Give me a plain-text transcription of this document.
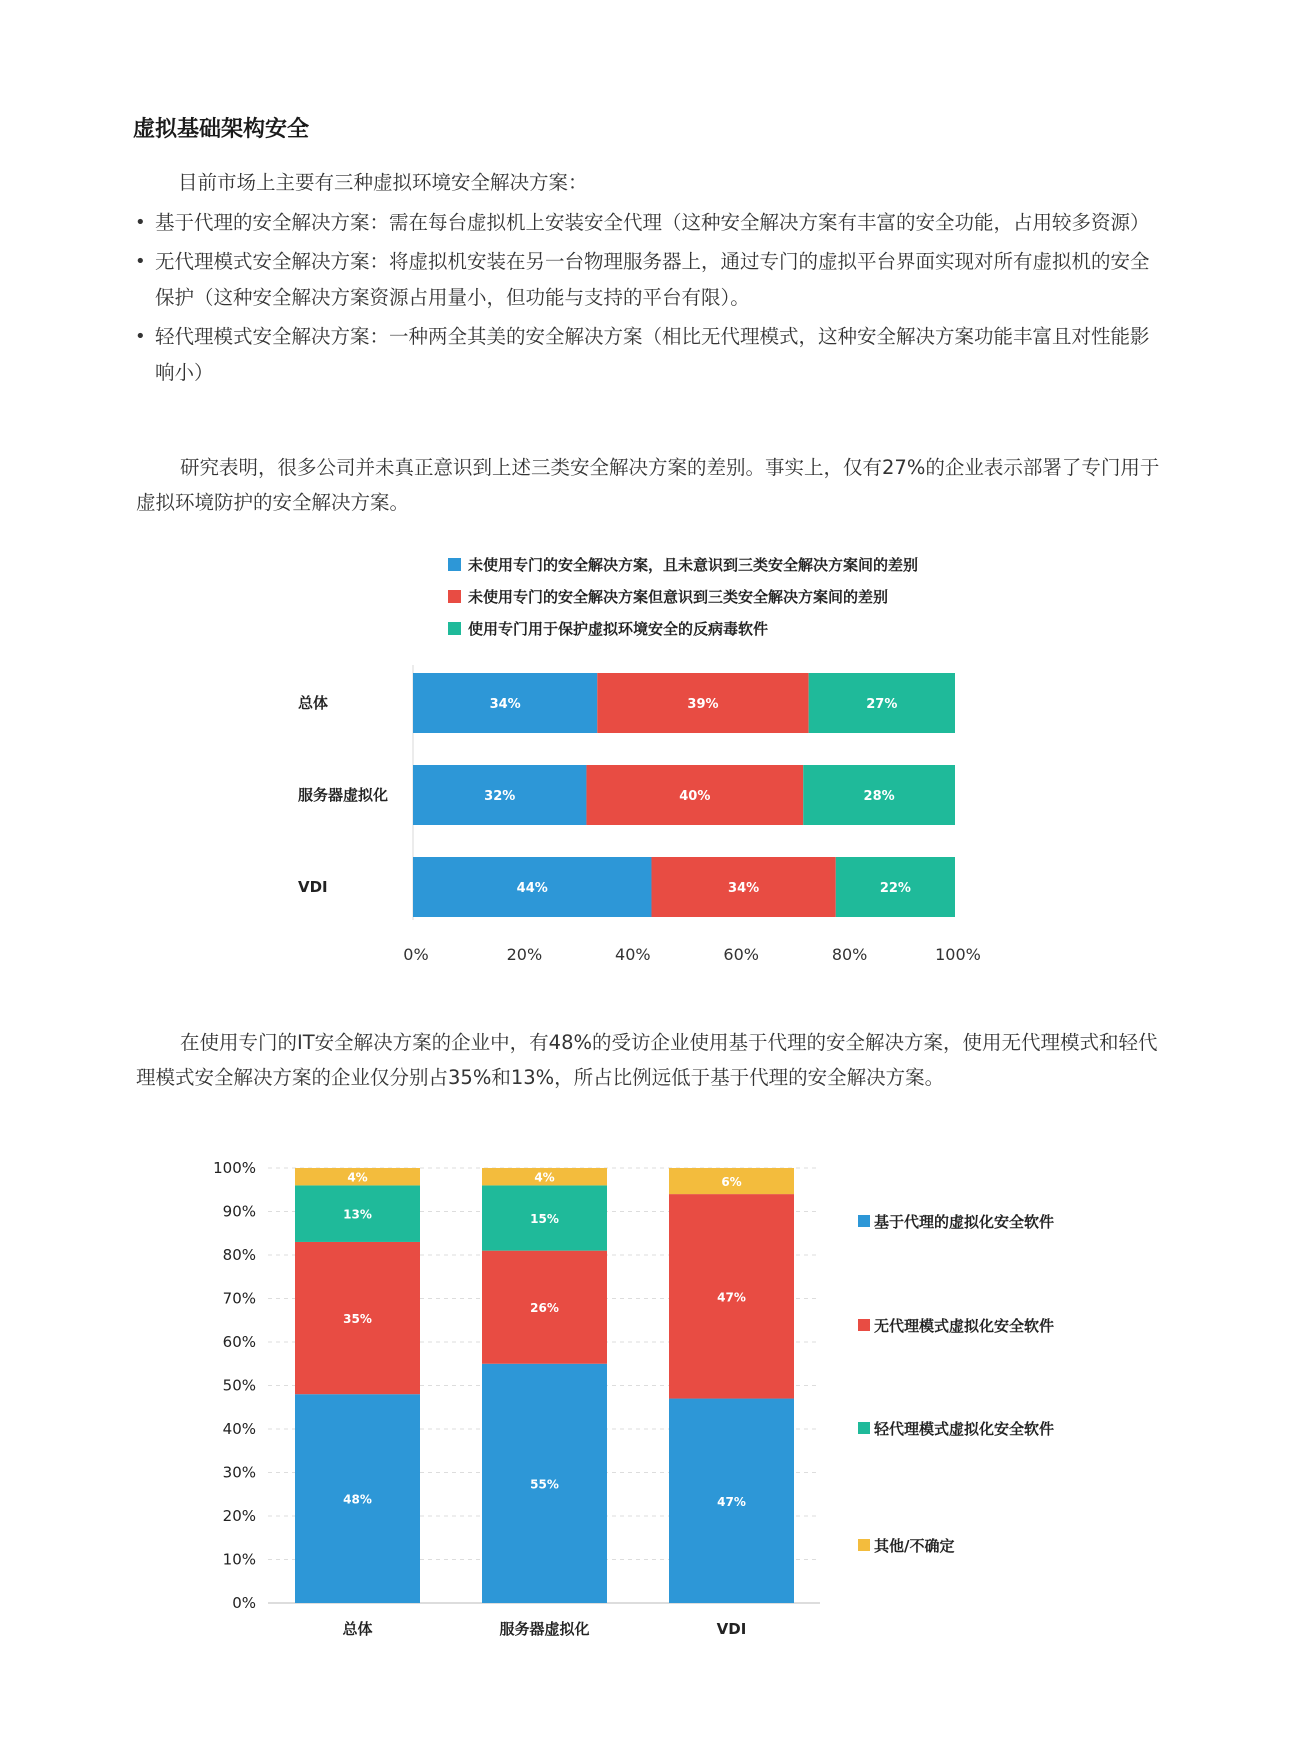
虚拟基础架构安全

目前市场上主要有三种虚拟环境安全解决方案：

• 基于代理的安全解决方案：需在每台虚拟机上安装安全代理（这种安全解决方案有丰富的安全功能，占用较多资源）
• 无代理模式安全解决方案：将虚拟机安装在另一台物理服务器上，通过专门的虚拟平台界面实现对所有虚拟机的安全保护（这种安全解决方案资源占用量小，但功能与支持的平台有限）。
• 轻代理模式安全解决方案：一种两全其美的安全解决方案（相比无代理模式，这种安全解决方案功能丰富且对性能影响小）

研究表明，很多公司并未真正意识到上述三类安全解决方案的差别。事实上，仅有27%的企业表示部署了专门用于虚拟环境防护的安全解决方案。

未使用专门的安全解决方案，且未意识到三类安全解决方案间的差别
未使用专门的安全解决方案但意识到三类安全解决方案间的差别
使用专门用于保护虚拟环境安全的反病毒软件
总体	34%	39%	27%
服务器虚拟化	32%	40%	28%
VDI	44%	34%	22%
0%	20%	40%	60%	80%	100%

在使用专门的IT安全解决方案的企业中，有48%的受访企业使用基于代理的安全解决方案，使用无代理模式和轻代理模式安全解决方案的企业仅分别占35%和13%，所占比例远低于基于代理的安全解决方案。

0%
10%
20%
30%
40%
50%
60%
70%
80%
90%
100%
48%
35%
13%
4%
总体
55%
26%
15%
4%
服务器虚拟化
47%
47%
6%
VDI
基于代理的虚拟化安全软件
无代理模式虚拟化安全软件
轻代理模式虚拟化安全软件
其他/不确定
